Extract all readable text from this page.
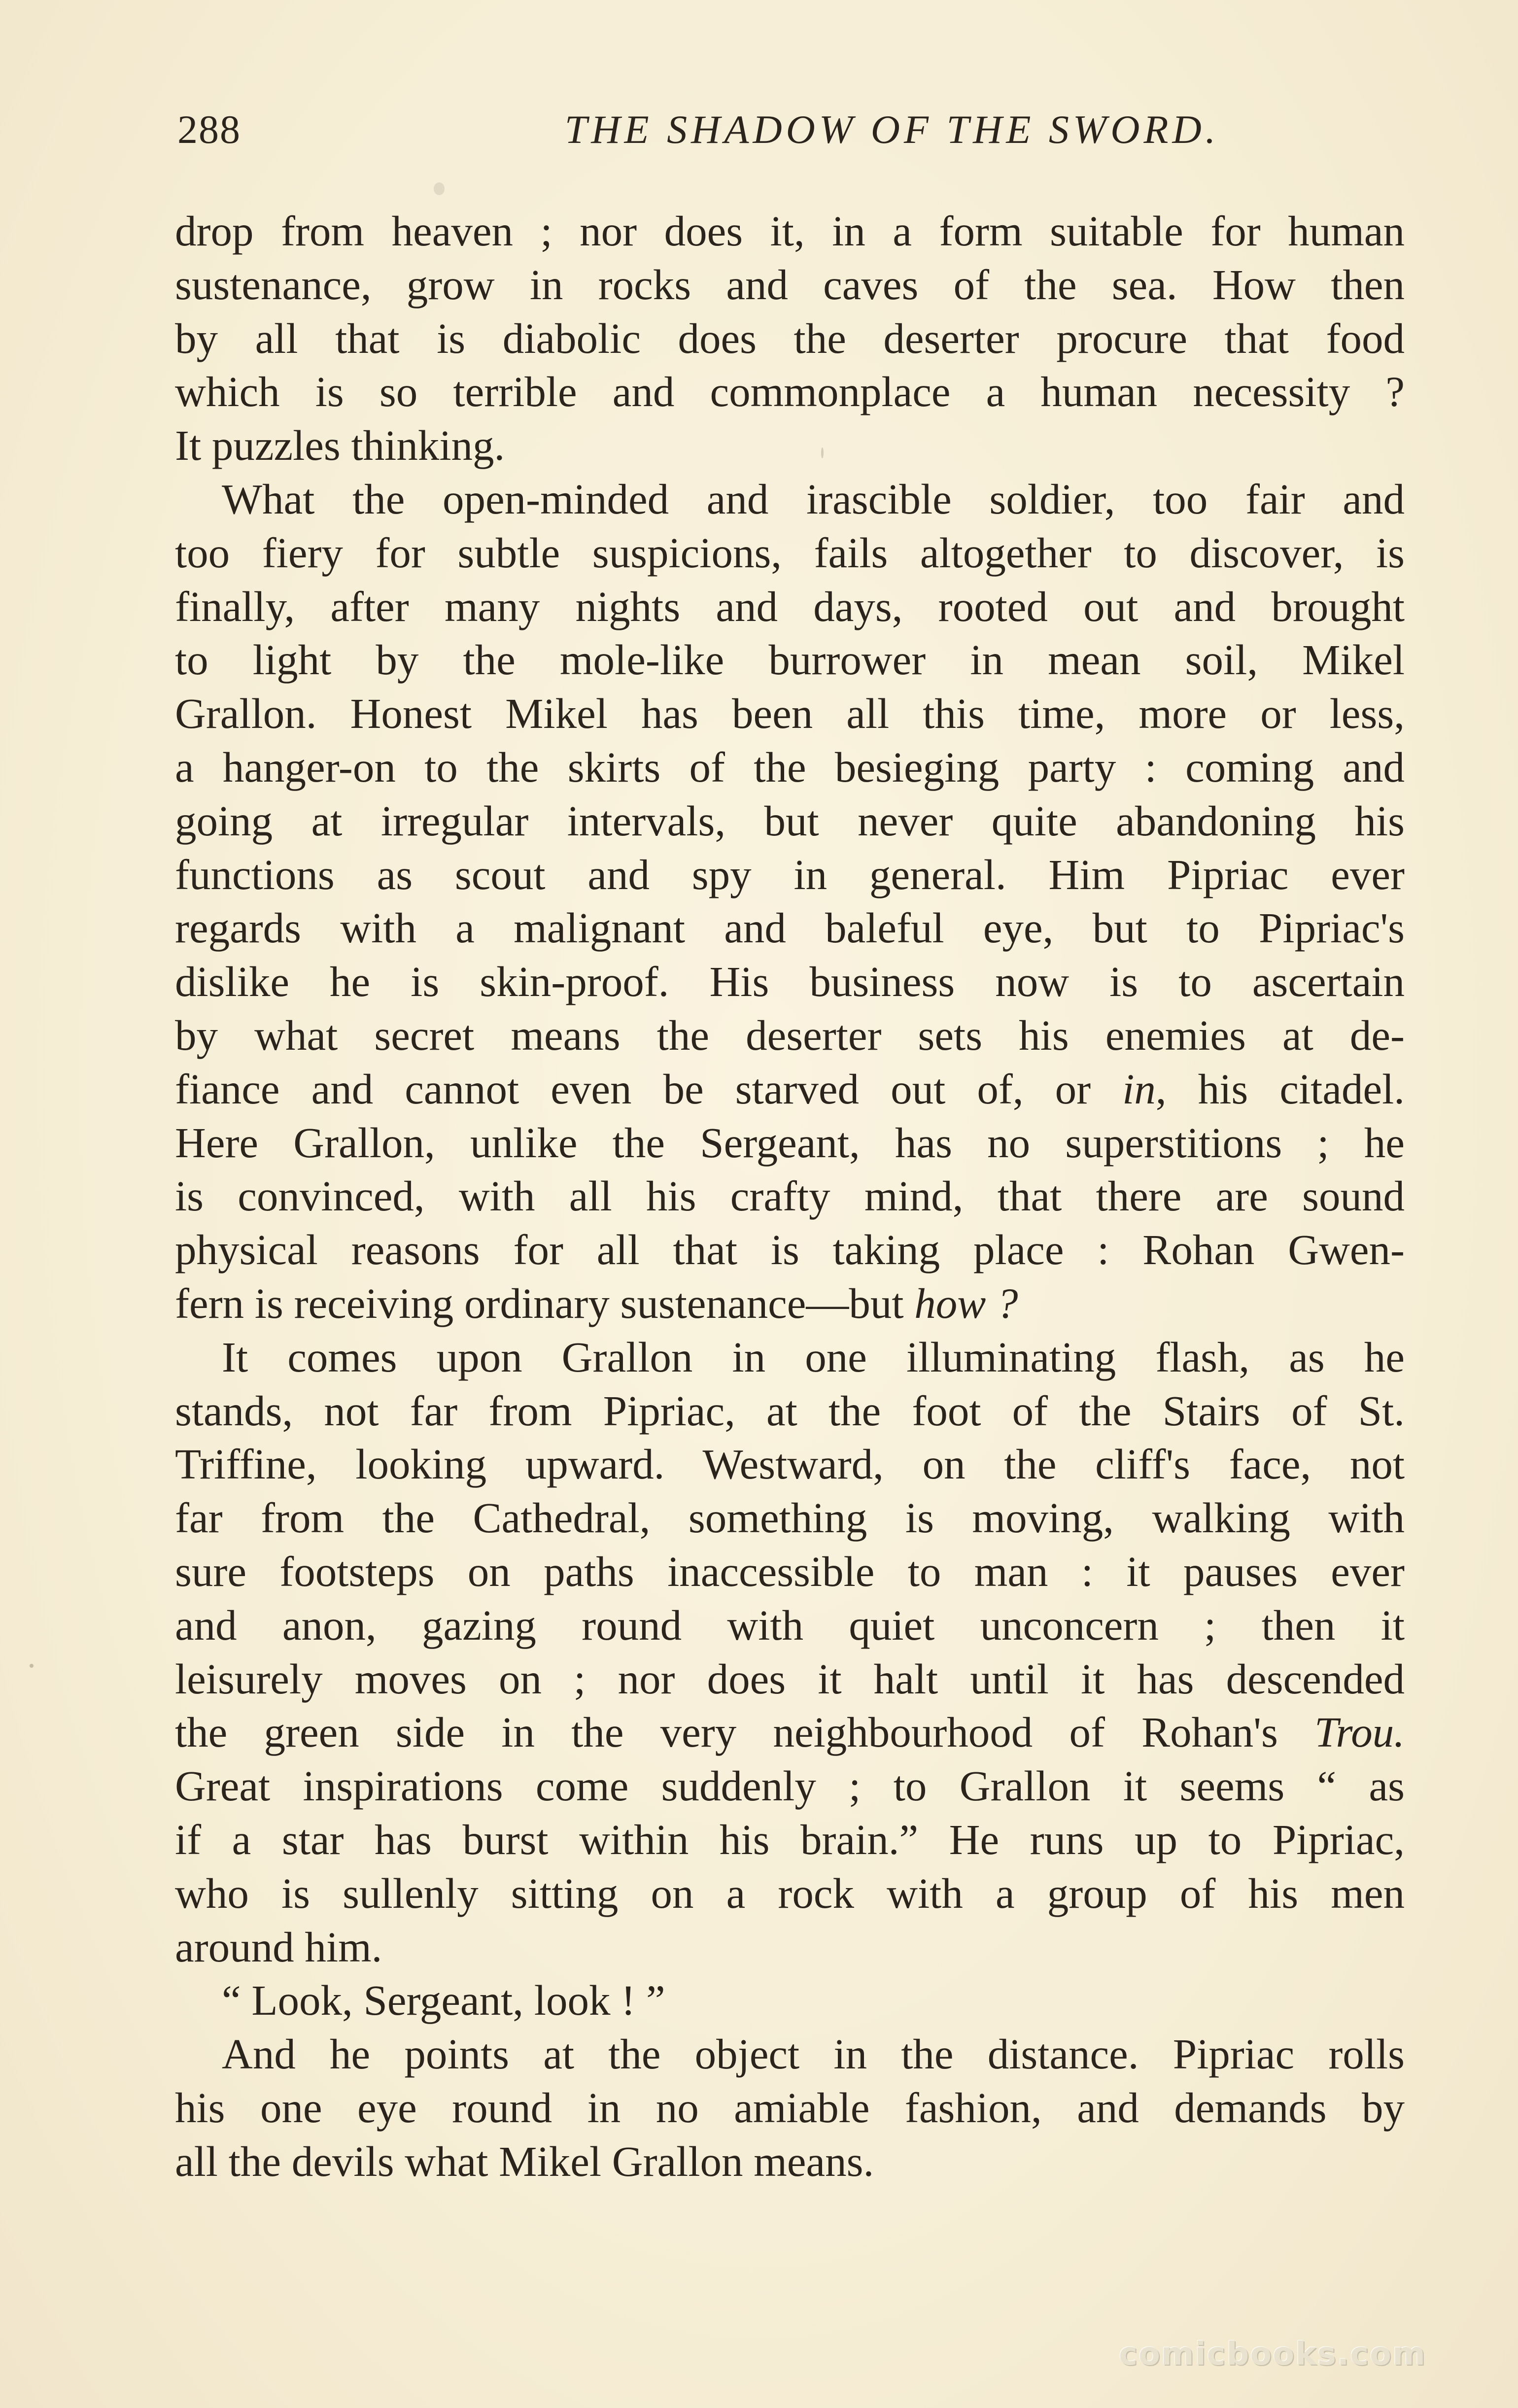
288	THE SHADOW OF THE SWORD.
drop from heaven ; nor does it, in a form suitable for human
sustenance, grow in rocks and caves of the sea. How then
by all that is diabolic does the deserter procure that food
which is so terrible and commonplace a human necessity ?
It puzzles thinking.
What the open-minded and irascible soldier, too fair and
too fiery for subtle suspicions, fails altogether to discover, is
finally, after many nights and days, rooted out and brought
to light by the mole-like burrower in mean soil, Mikel
Grallon. Honest Mikel has been all this time, more or less,
a hanger-on to the skirts of the besieging party : coming and
going at irregular intervals, but never quite abandoning his
functions as scout and spy in general. Him Pipriac ever
regards with a malignant and baleful eye, but to Pipriac's
dislike he is skin-proof. His business now is to ascertain
by what secret means the deserter sets his enemies at de-
fiance and cannot even be starved out of, or in, his citadel.
Here Grallon, unlike the Sergeant, has no superstitions ; he
is convinced, with all his crafty mind, that there are sound
physical reasons for all that is taking place : Rohan Gwen-
fern is receiving ordinary sustenance—but how ?
It comes upon Grallon in one illuminating flash, as he
stands, not far from Pipriac, at the foot of the Stairs of St.
Triffine, looking upward. Westward, on the cliff's face, not
far from the Cathedral, something is moving, walking with
sure footsteps on paths inaccessible to man : it pauses ever
and anon, gazing round with quiet unconcern ; then it
leisurely moves on ; nor does it halt until it has descended
the green side in the very neighbourhood of Rohan's Trou.
Great inspirations come suddenly ; to Grallon it seems “ as
if a star has burst within his brain.” He runs up to Pipriac,
who is sullenly sitting on a rock with a group of his men
around him.
“ Look, Sergeant, look ! ”
And he points at the object in the distance. Pipriac rolls
his one eye round in no amiable fashion, and demands by
all the devils what Mikel Grallon means.
comicbooks.com
